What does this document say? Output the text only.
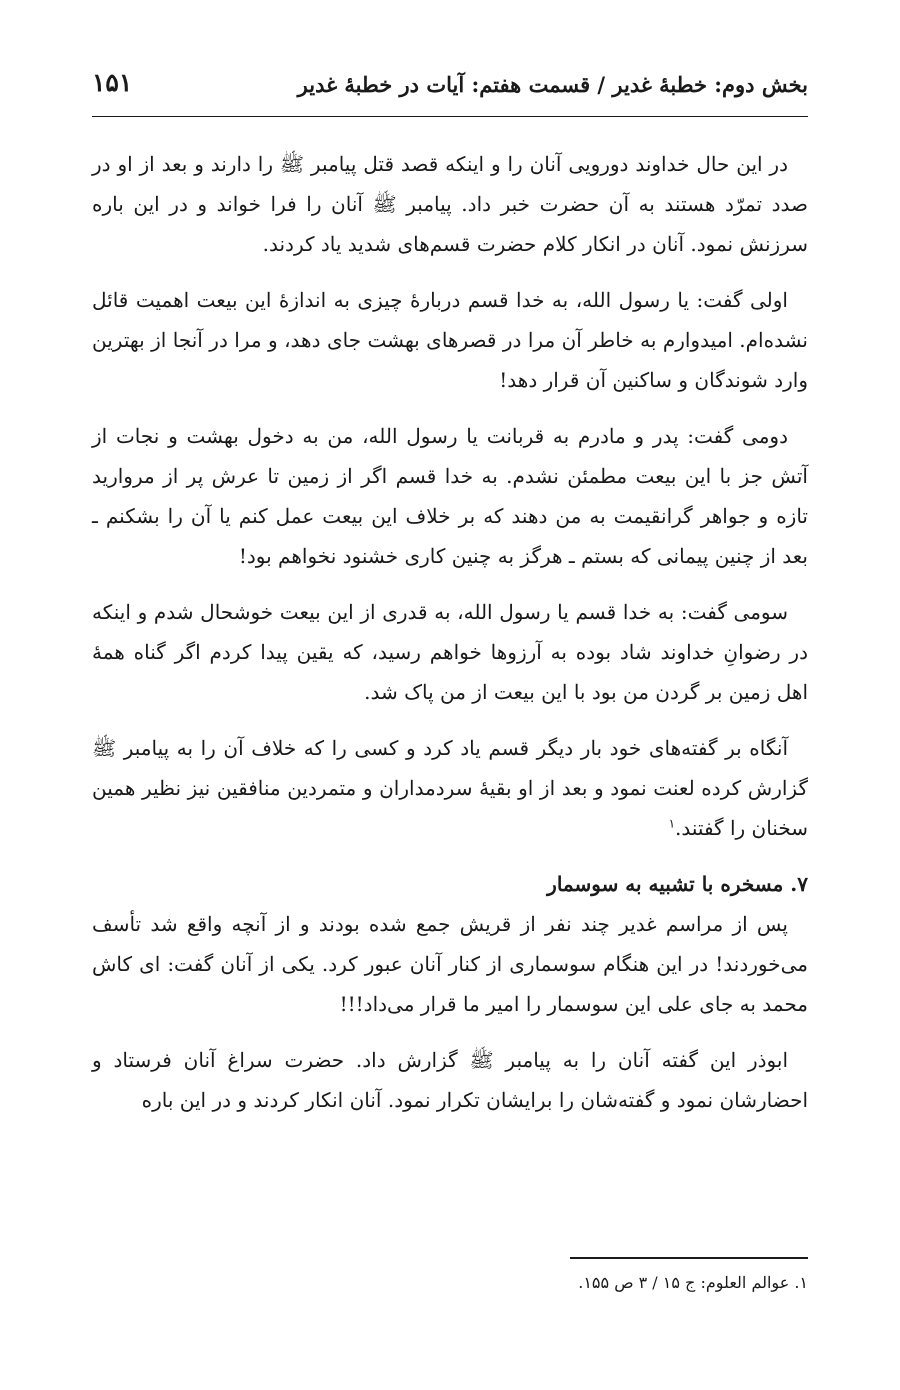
بخش دوم: خطبهٔ غدیر / قسمت هفتم: آیات در خطبهٔ غدیر
۱۵۱

در این حال خداوند دورویی آنان را و اینکه قصد قتل پیامبر ﷺ را دارند و بعد از او در صدد تمرّد هستند به آن حضرت خبر داد. پیامبر ﷺ آنان را فرا خواند و در این باره سرزنش نمود. آنان در انکار کلام حضرت قسم‌های شدید یاد کردند.

اولی گفت: یا رسول الله، به خدا قسم دربارهٔ چیزی به اندازهٔ این بیعت اهمیت قائل نشده‌ام. امیدوارم به خاطر آن مرا در قصرهای بهشت جای دهد، و مرا در آنجا از بهترین وارد شوندگان و ساکنین آن قرار دهد!

دومی گفت: پدر و مادرم به قربانت یا رسول الله، من به دخول بهشت و نجات از آتش جز با این بیعت مطمئن نشدم. به خدا قسم اگر از زمین تا عرش پر از مروارید تازه و جواهر گرانقیمت به من دهند که بر خلاف این بیعت عمل کنم یا آن را بشکنم ـ بعد از چنین پیمانی که بستم ـ هرگز به چنین کاری خشنود نخواهم بود!

سومی گفت: به خدا قسم یا رسول الله، به قدری از این بیعت خوشحال شدم و اینکه در رضوانِ خداوند شاد بوده به آرزوها خواهم رسید، که یقین پیدا کردم اگر گناه همهٔ اهل زمین بر گردن من بود با این بیعت از من پاک شد.

آنگاه بر گفته‌های خود بار دیگر قسم یاد کرد و کسی را که خلاف آن را به پیامبر ﷺ گزارش کرده لعنت نمود و بعد از او بقیهٔ سردمداران و متمردین منافقین نیز نظیر همین سخنان را گفتند.$^۱$

۷. مسخره با تشبیه به سوسمار

پس از مراسم غدیر چند نفر از قریش جمع شده بودند و از آنچه واقع شد تأسف می‌خوردند! در این هنگام سوسماری از کنار آنان عبور کرد. یکی از آنان گفت: ای کاش محمد به جای علی این سوسمار را امیر ما قرار می‌داد!!!

ابوذر این گفته آنان را به پیامبر ﷺ گزارش داد. حضرت سراغ آنان فرستاد و احضارشان نمود و گفته‌شان را برایشان تکرار نمود. آنان انکار کردند و در این باره

۱. عوالم العلوم: ج ۱۵ / ۳ ص ۱۵۵.
